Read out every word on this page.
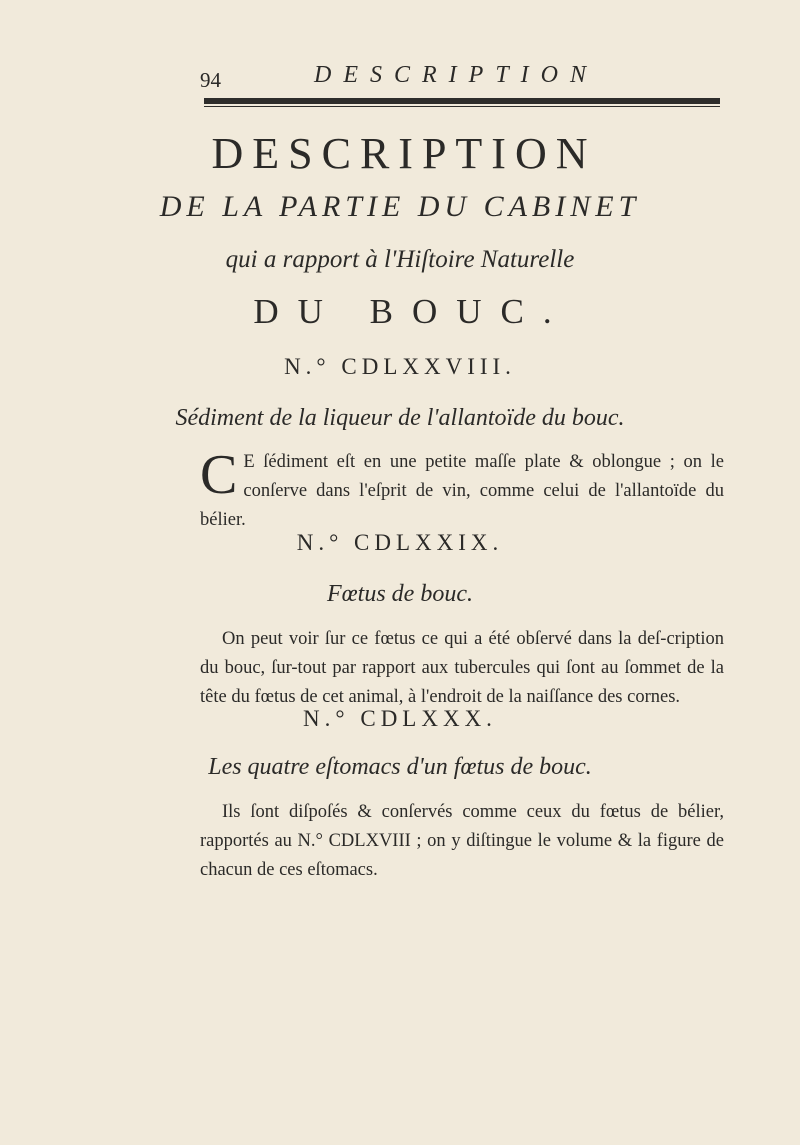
94	DESCRIPTION
DESCRIPTION
DE LA PARTIE DU CABINET
qui a rapport à l'Hiſtoire Naturelle
DU BOUC.
N.° CDLXXVIII.
Sédiment de la liqueur de l'allantoïde du bouc.
C E ſédiment eſt en une petite maſſe plate & oblongue ; on le conſerve dans l'eſprit de vin, comme celui de l'allantoïde du bélier.
N.° CDLXXIX.
Fœtus de bouc.
On peut voir ſur ce fœtus ce qui a été obſervé dans la deſ-cription du bouc, ſur-tout par rapport aux tubercules qui ſont au ſommet de la tête du fœtus de cet animal, à l'endroit de la naiſſance des cornes.
N.° CDLXXX.
Les quatre eſtomacs d'un fœtus de bouc.
Ils ſont diſpoſés & conſervés comme ceux du fœtus de bélier, rapportés au N.° CDLXVIII ; on y diſtingue le volume & la figure de chacun de ces eſtomacs.
